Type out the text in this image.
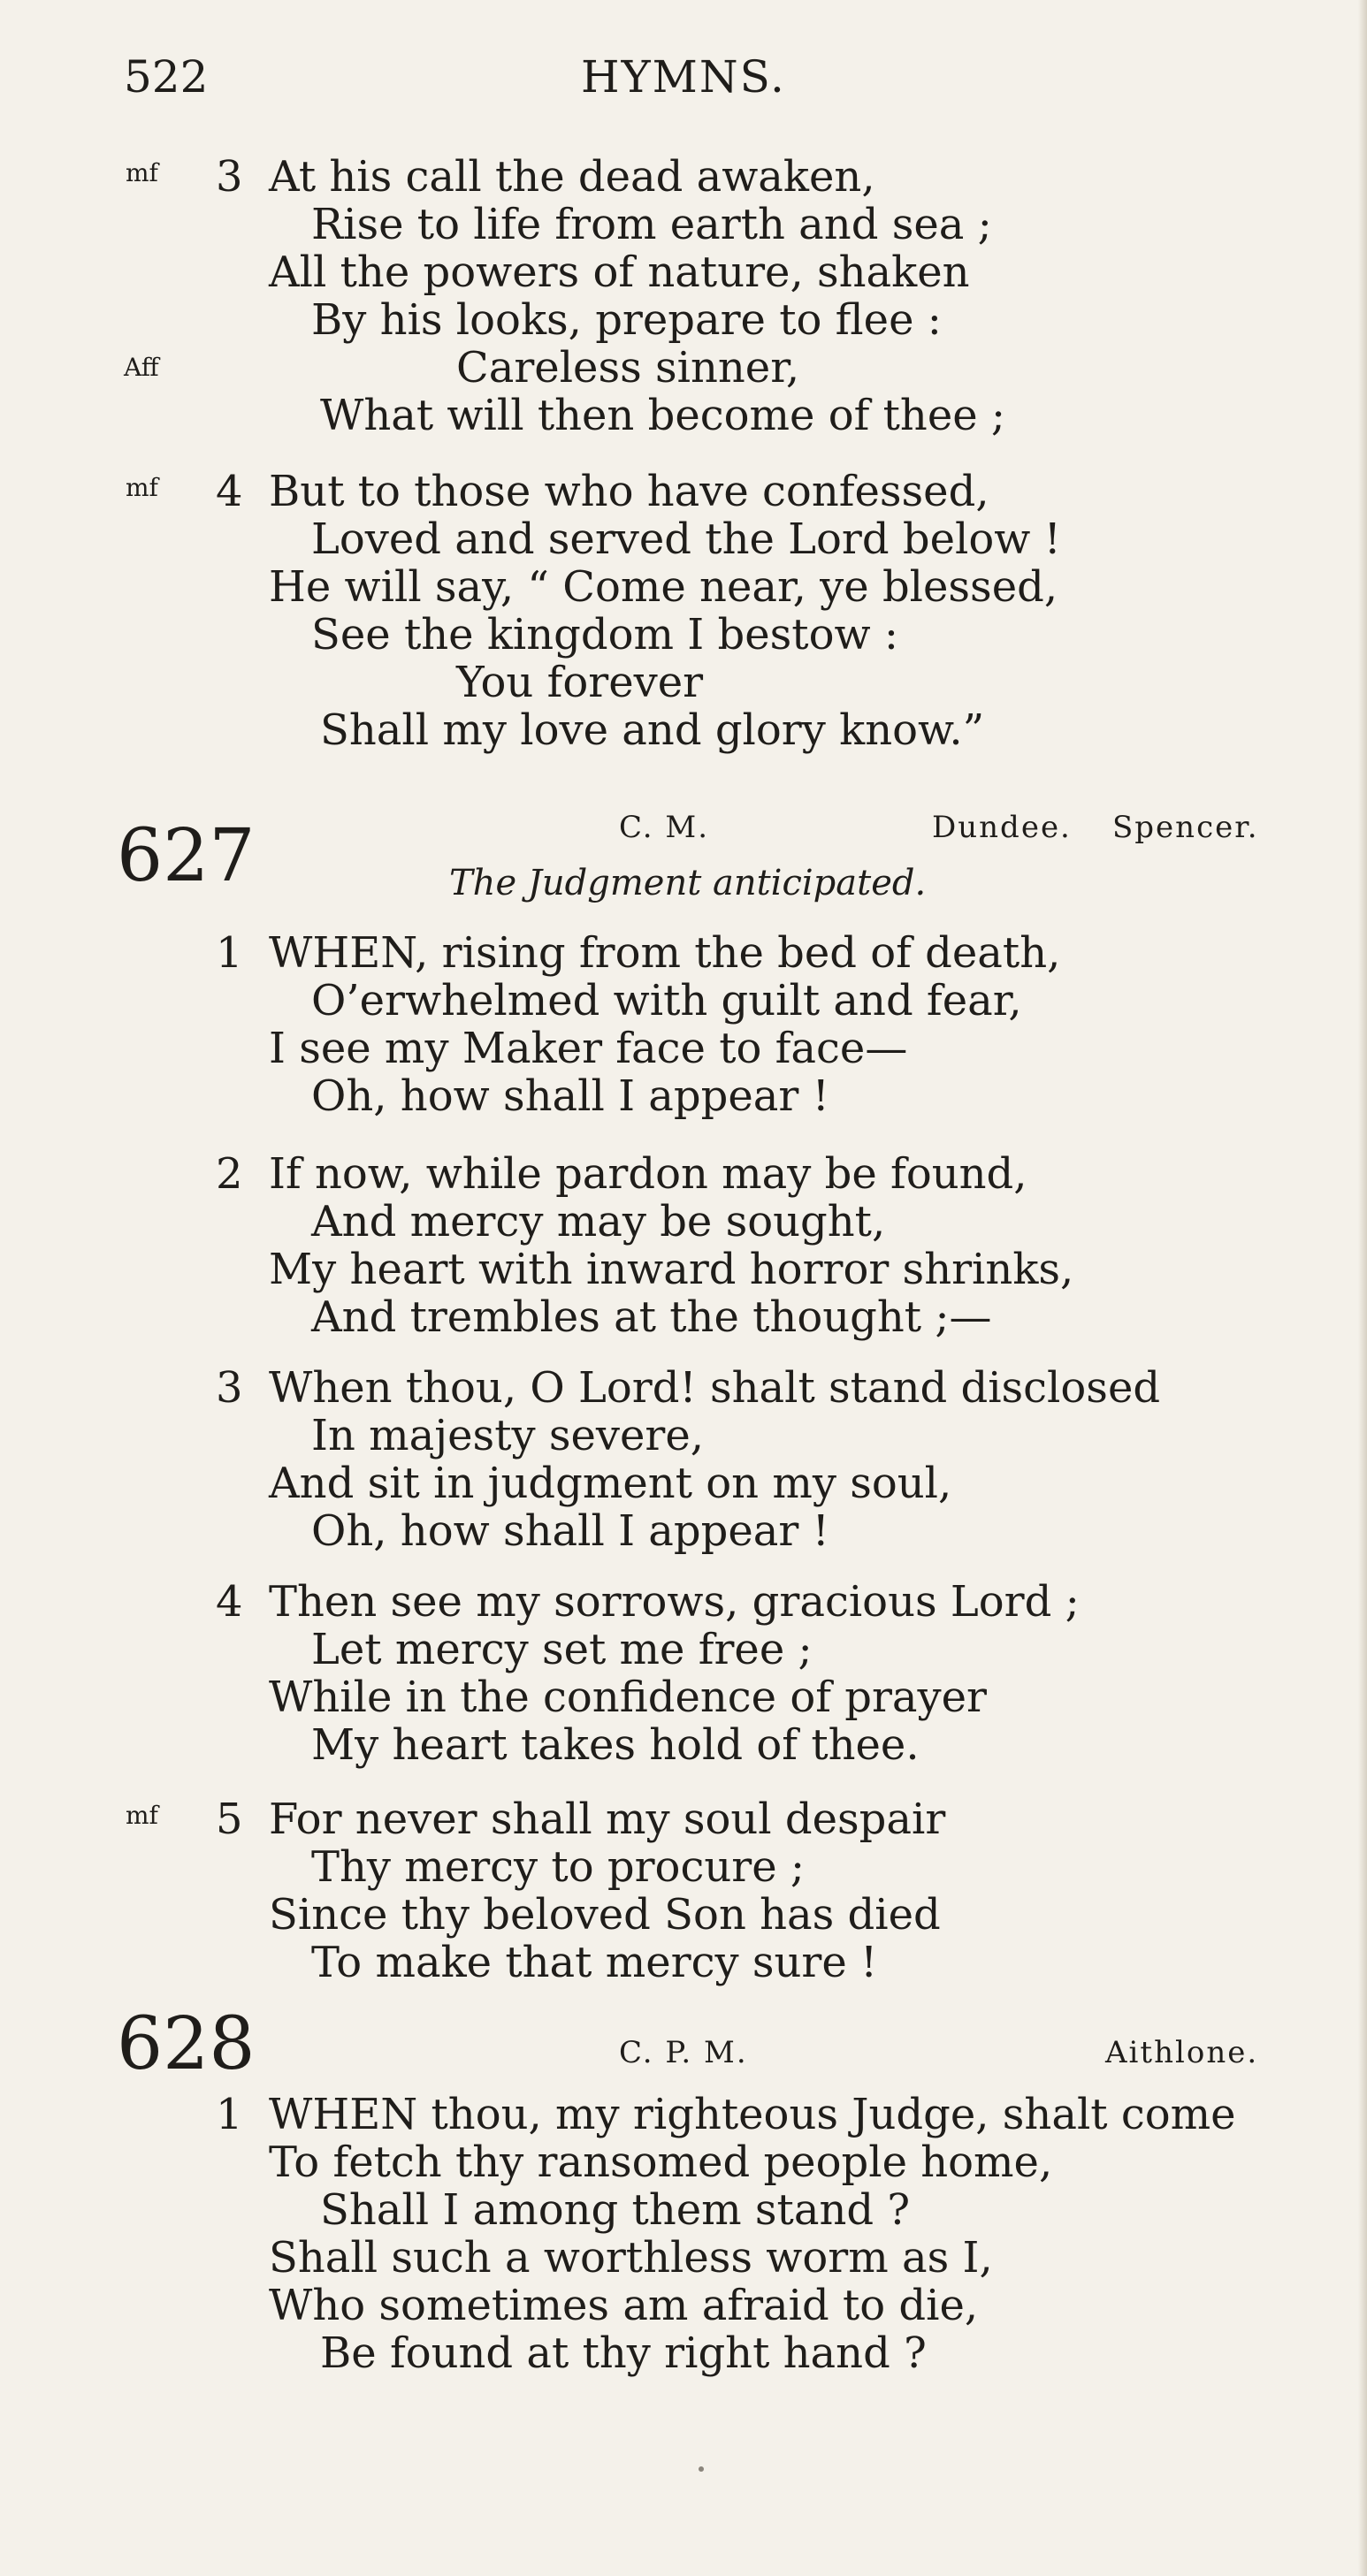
522	HYMNS.
mf 3 At his call the dead awaken,
Rise to life from earth and sea ;
All the powers of nature, shaken
By his looks, prepare to flee :
Aff	Careless sinner,
What will then become of thee ;
mf 4 But to those who have confessed,
Loved and served the Lord below !
He will say, “ Come near, ye blessed,
See the kingdom I bestow :
You forever
Shall my love and glory know.”
627	C. M.	Dundee. Spencer.
The Judgment anticipated.
1 WHEN, rising from the bed of death,
O’erwhelmed with guilt and fear,
I see my Maker face to face—
Oh, how shall I appear !
2 If now, while pardon may be found,
And mercy may be sought,
My heart with inward horror shrinks,
And trembles at the thought ;—
3 When thou, O Lord! shalt stand disclosed
In majesty severe,
And sit in judgment on my soul,
Oh, how shall I appear !
4 Then see my sorrows, gracious Lord ;
Let mercy set me free ;
While in the confidence of prayer
My heart takes hold of thee.
mf 5 For never shall my soul despair
Thy mercy to procure ;
Since thy beloved Son has died
To make that mercy sure !
628	C. P. M.	Aithlone.
1 WHEN thou, my righteous Judge, shalt come
To fetch thy ransomed people home,
Shall I among them stand ?
Shall such a worthless worm as I,
Who sometimes am afraid to die,
Be found at thy right hand ?
